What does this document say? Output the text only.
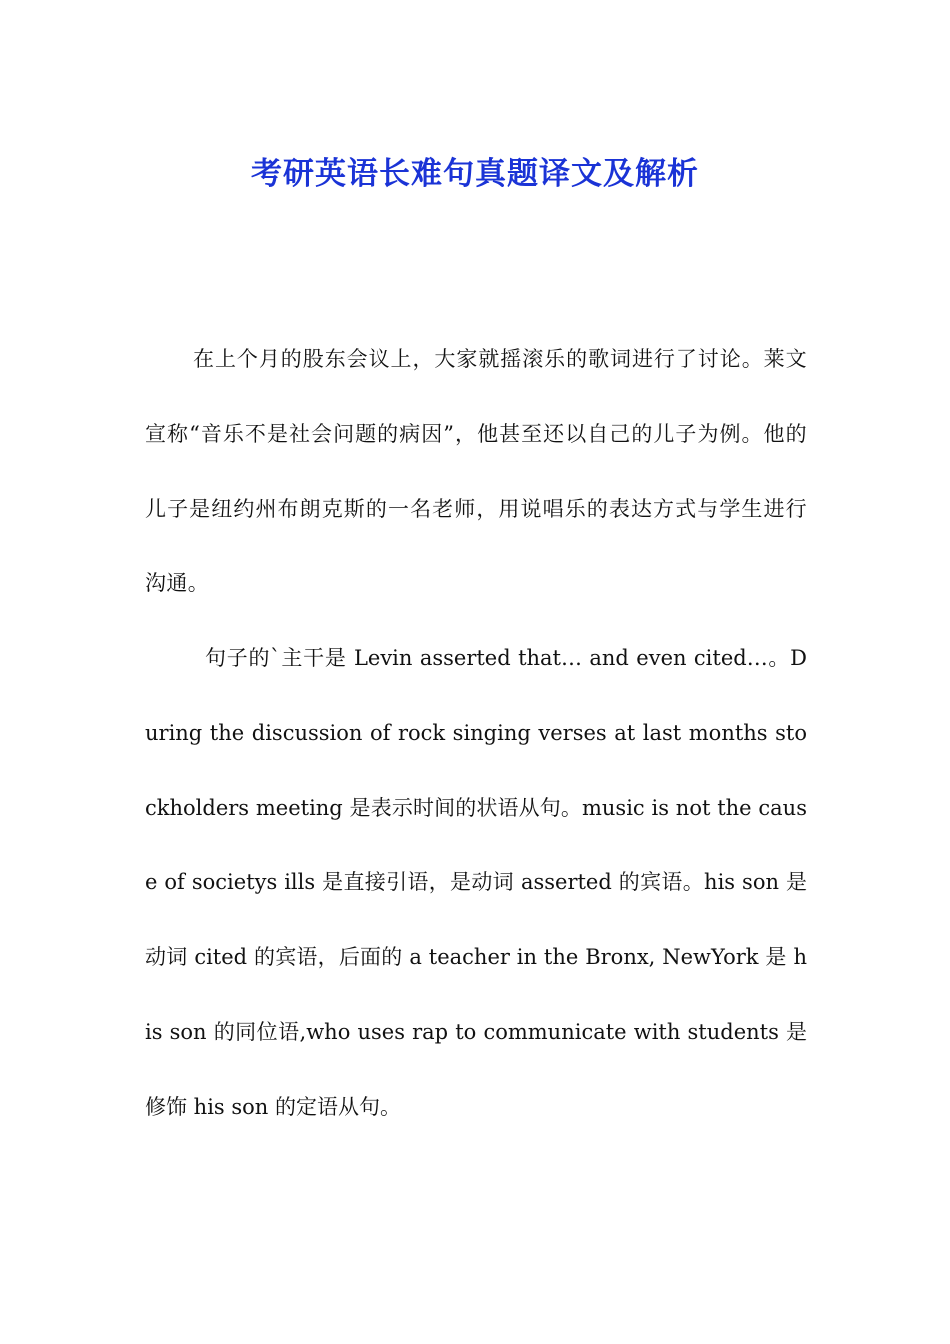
考研英语长难句真题译文及解析

在上个月的股东会议上，大家就摇滚乐的歌词进行了讨论。莱文宣称“音乐不是社会问题的病因”，他甚至还以自己的儿子为例。他的儿子是纽约州布朗克斯的一名老师，用说唱乐的表达方式与学生进行沟通。

句子的`主干是 Levin asserted that… and even cited…。During the discussion of rock singing verses at last months stockholders meeting 是表示时间的状语从句。music is not the cause of societys ills 是直接引语，是动词 asserted 的宾语。his son 是动词 cited 的宾语，后面的 a teacher in the Bronx, NewYork 是 his son 的同位语,who uses rap to communicate with students 是修饰 his son 的定语从句。
